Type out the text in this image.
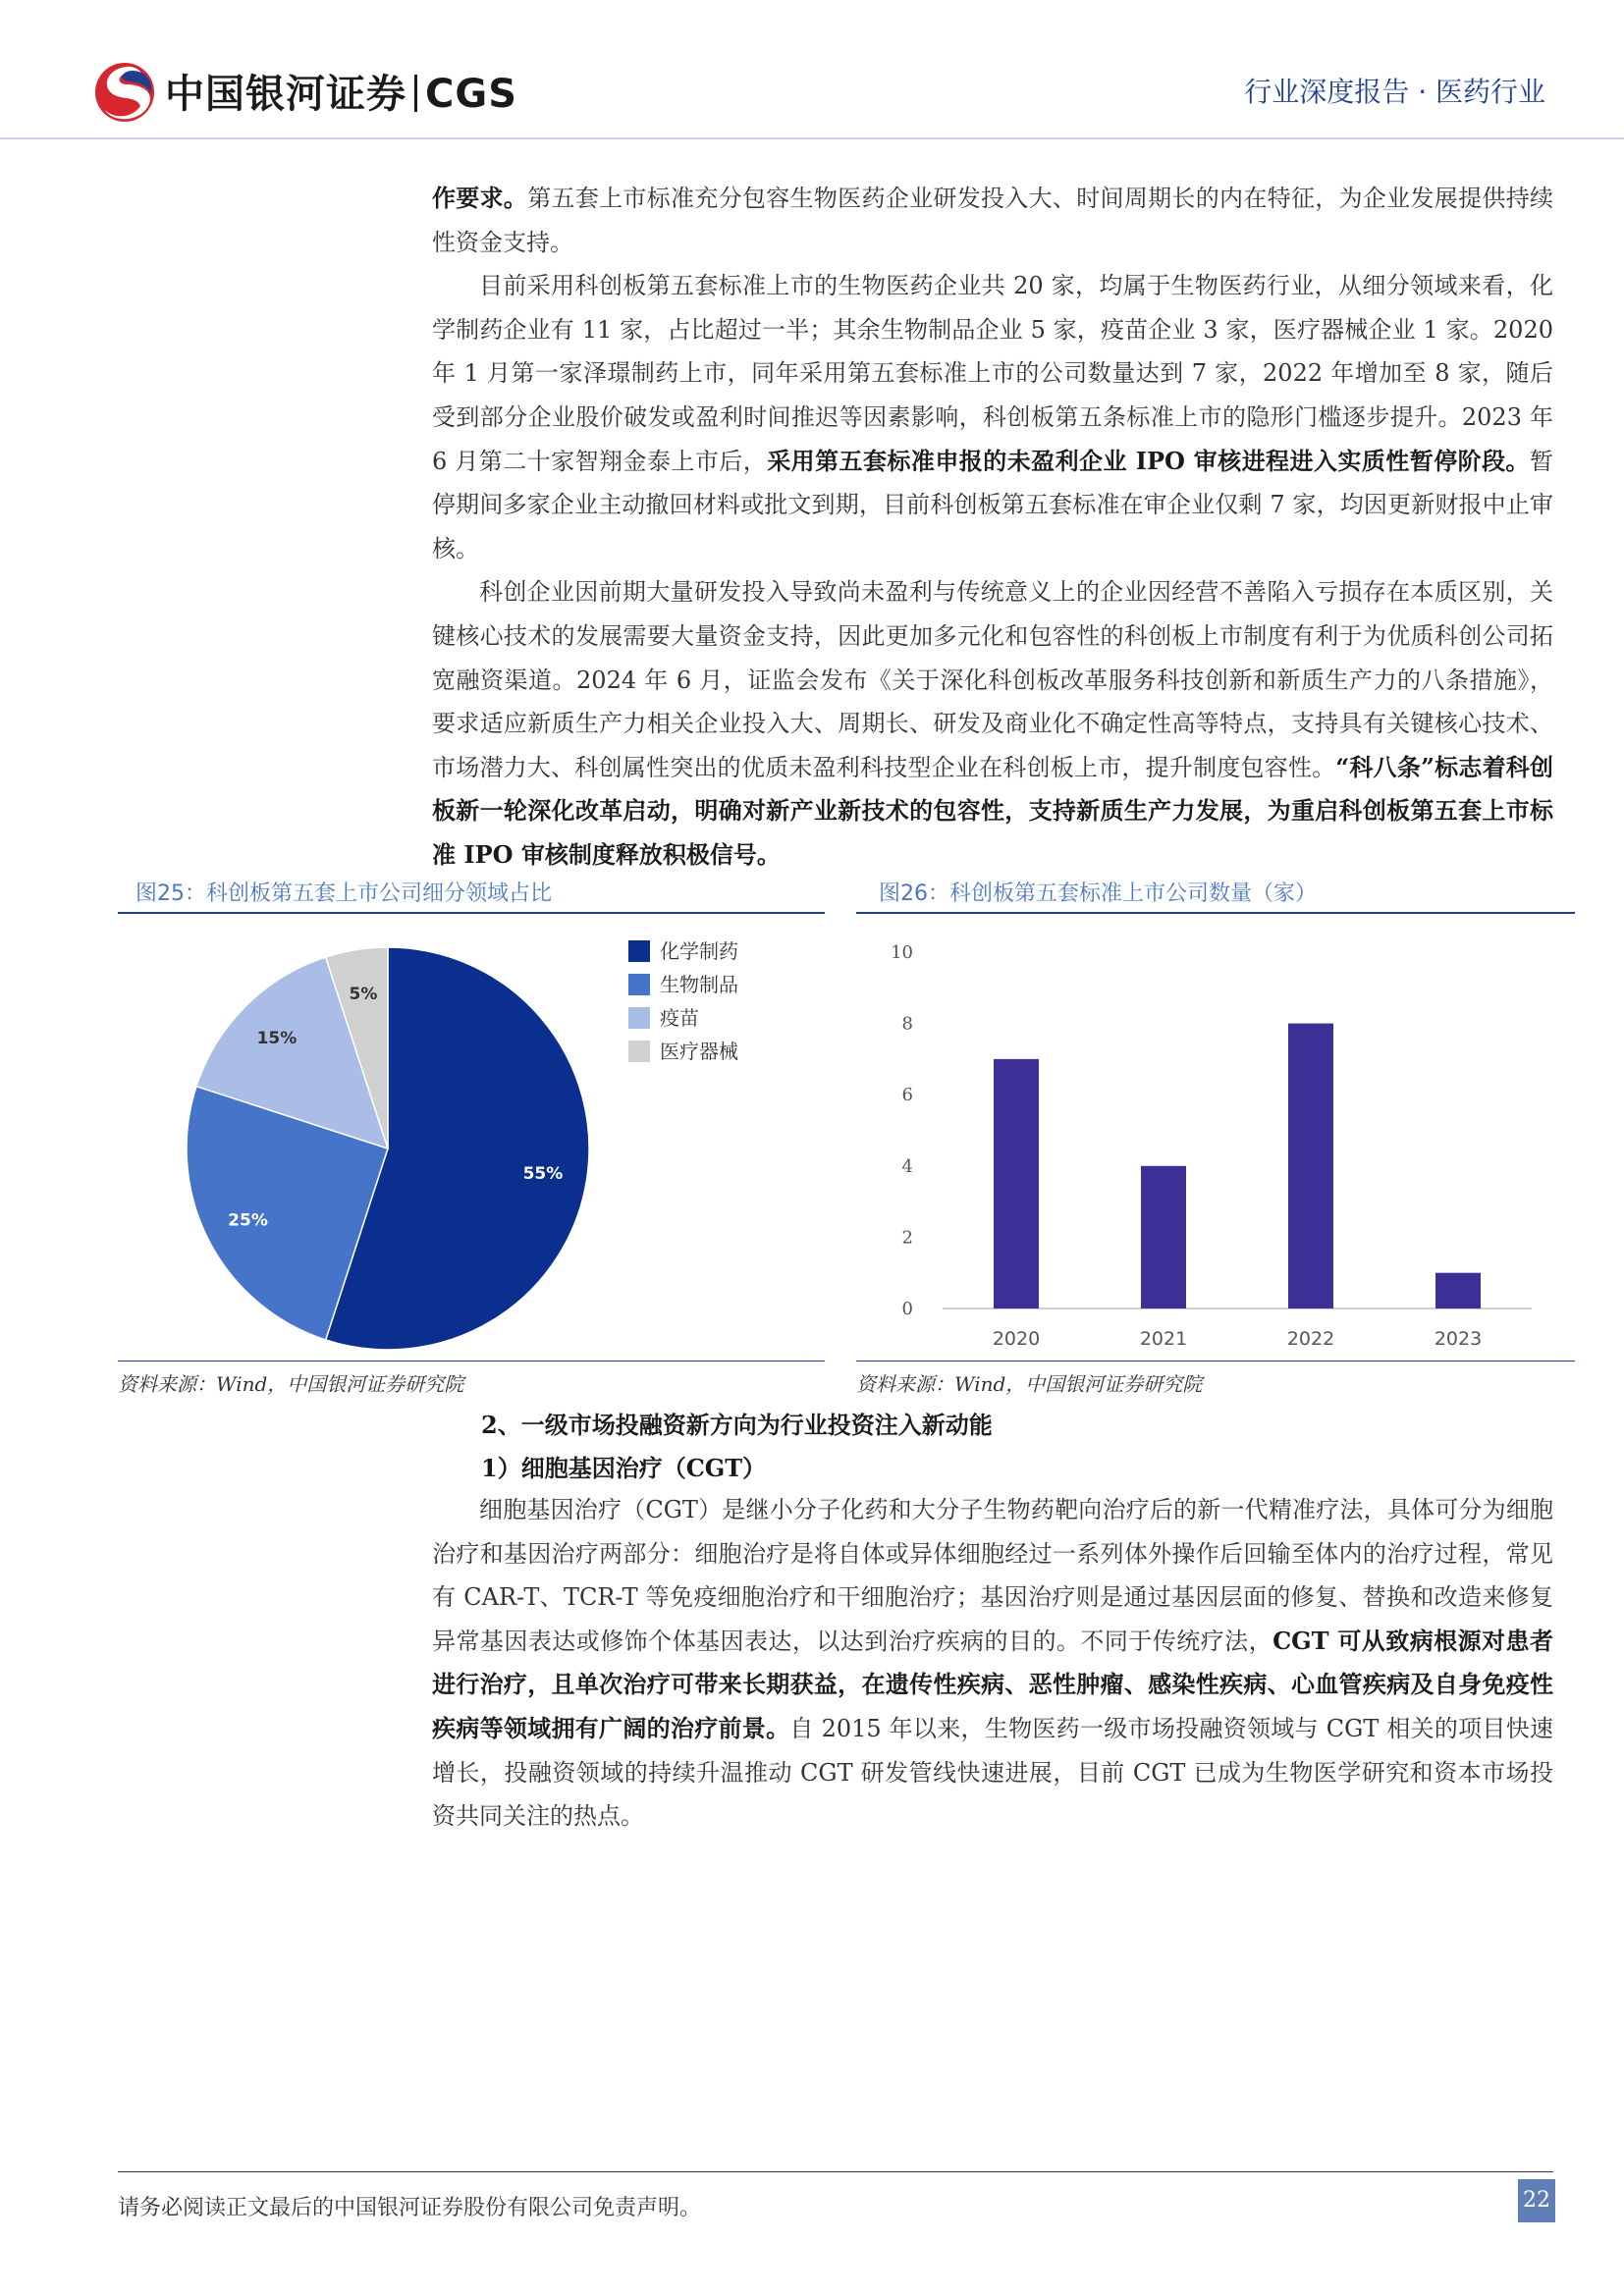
中国银河证券 CGS	行业深度报告 · 医药行业

作要求。第五套上市标准充分包容生物医药企业研发投入大、时间周期长的内在特征，为企业发展提供持续性资金支持。

目前采用科创板第五套标准上市的生物医药企业共 20 家，均属于生物医药行业，从细分领域来看，化学制药企业有 11 家，占比超过一半；其余生物制品企业 5 家，疫苗企业 3 家，医疗器械企业 1 家。2020 年 1 月第一家泽璟制药上市，同年采用第五套标准上市的公司数量达到 7 家，2022 年增加至 8 家，随后受到部分企业股价破发或盈利时间推迟等因素影响，科创板第五条标准上市的隐形门槛逐步提升。2023 年 6 月第二十家智翔金泰上市后，采用第五套标准申报的未盈利企业 IPO 审核进程进入实质性暂停阶段。暂停期间多家企业主动撤回材料或批文到期，目前科创板第五套标准在审企业仅剩 7 家，均因更新财报中止审核。

科创企业因前期大量研发投入导致尚未盈利与传统意义上的企业因经营不善陷入亏损存在本质区别，关键核心技术的发展需要大量资金支持，因此更加多元化和包容性的科创板上市制度有利于为优质科创公司拓宽融资渠道。2024 年 6 月，证监会发布《关于深化科创板改革服务科技创新和新质生产力的八条措施》，要求适应新质生产力相关企业投入大、周期长、研发及商业化不确定性高等特点，支持具有关键核心技术、市场潜力大、科创属性突出的优质未盈利科技型企业在科创板上市，提升制度包容性。“科八条”标志着科创板新一轮深化改革启动，明确对新产业新技术的包容性，支持新质生产力发展，为重启科创板第五套上市标准 IPO 审核制度释放积极信号。

图25：科创板第五套上市公司细分领域占比	图26：科创板第五套标准上市公司数量（家）
55%
25%
15%
5%
化学制药
生物制品
疫苗
医疗器械
0
2
4
6
8
10
2020	2021	2022	2023
资料来源：Wind，中国银河证券研究院	资料来源：Wind，中国银河证券研究院
2、一级市场投融资新方向为行业投资注入新动能
1）细胞基因治疗（CGT）

细胞基因治疗（CGT）是继小分子化药和大分子生物药靶向治疗后的新一代精准疗法，具体可分为细胞治疗和基因治疗两部分：细胞治疗是将自体或异体细胞经过一系列体外操作后回输至体内的治疗过程，常见有 CAR-T、TCR-T 等免疫细胞治疗和干细胞治疗；基因治疗则是通过基因层面的修复、替换和改造来修复异常基因表达或修饰个体基因表达，以达到治疗疾病的目的。不同于传统疗法，CGT 可从致病根源对患者进行治疗，且单次治疗可带来长期获益，在遗传性疾病、恶性肿瘤、感染性疾病、心血管疾病及自身免疫性疾病等领域拥有广阔的治疗前景。自 2015 年以来，生物医药一级市场投融资领域与 CGT 相关的项目快速增长，投融资领域的持续升温推动 CGT 研发管线快速进展，目前 CGT 已成为生物医学研究和资本市场投资共同关注的热点。

请务必阅读正文最后的中国银河证券股份有限公司免责声明。	22
